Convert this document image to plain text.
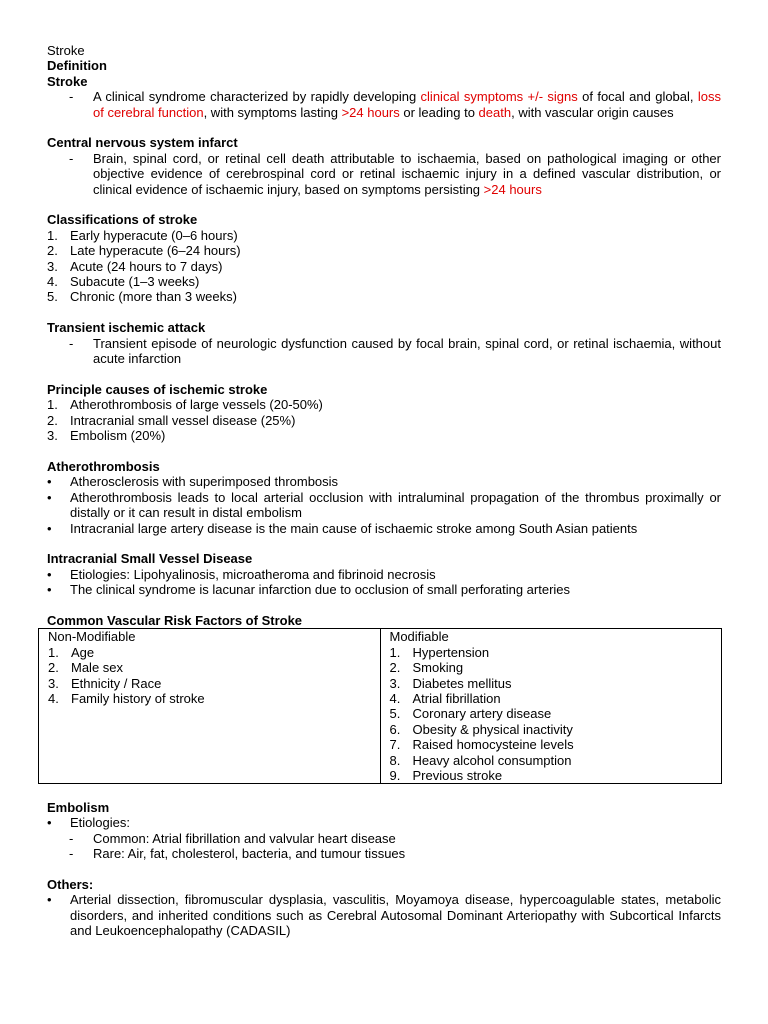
Stroke

Definition

Stroke

- A clinical syndrome characterized by rapidly developing clinical symptoms +/- signs of focal and global, loss of cerebral function, with symptoms lasting >24 hours or leading to death, with vascular origin causes

Central nervous system infarct

- Brain, spinal cord, or retinal cell death attributable to ischaemia, based on pathological imaging or other objective evidence of cerebrospinal cord or retinal ischaemic injury in a defined vascular distribution, or clinical evidence of ischaemic injury, based on symptoms persisting >24 hours

Classifications of stroke

1. Early hyperacute (0–6 hours)
2. Late hyperacute (6–24 hours)
3. Acute (24 hours to 7 days)
4. Subacute (1–3 weeks)
5. Chronic (more than 3 weeks)

Transient ischemic attack

- Transient episode of neurologic dysfunction caused by focal brain, spinal cord, or retinal ischaemia, without acute infarction

Principle causes of ischemic stroke

1. Atherothrombosis of large vessels (20-50%)
2. Intracranial small vessel disease (25%)
3. Embolism (20%)

Atherothrombosis

• Atherosclerosis with superimposed thrombosis
• Atherothrombosis leads to local arterial occlusion with intraluminal propagation of the thrombus proximally or distally or it can result in distal embolism
• Intracranial large artery disease is the main cause of ischaemic stroke among South Asian patients

Intracranial Small Vessel Disease

• Etiologies: Lipohyalinosis, microatheroma and fibrinoid necrosis
• The clinical syndrome is lacunar infarction due to occlusion of small perforating arteries

Common Vascular Risk Factors of Stroke

Non-Modifiable

1. Age
2. Male sex
3. Ethnicity / Race
4. Family history of stroke

Modifiable

1. Hypertension
2. Smoking
3. Diabetes mellitus
4. Atrial fibrillation
5. Coronary artery disease
6. Obesity & physical inactivity
7. Raised homocysteine levels
8. Heavy alcohol consumption
9. Previous stroke

Embolism

• Etiologies:
- Common: Atrial fibrillation and valvular heart disease
- Rare: Air, fat, cholesterol, bacteria, and tumour tissues

Others:

• Arterial dissection, fibromuscular dysplasia, vasculitis, Moyamoya disease, hypercoagulable states, metabolic disorders, and inherited conditions such as Cerebral Autosomal Dominant Arteriopathy with Subcortical Infarcts and Leukoencephalopathy (CADASIL)
